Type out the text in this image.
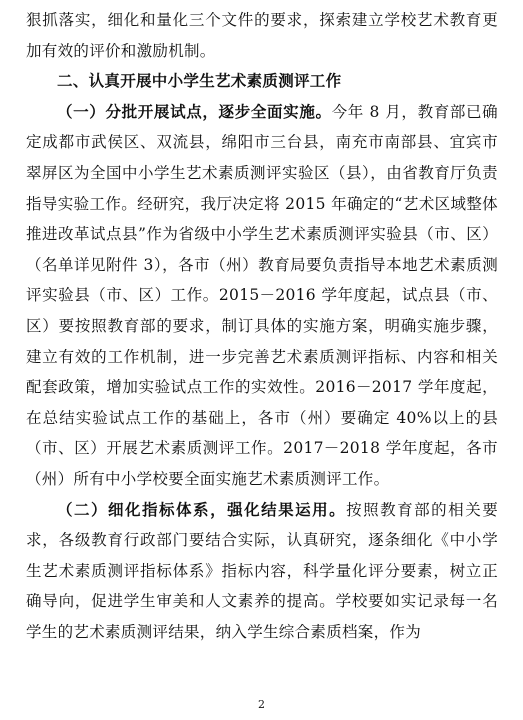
狠抓落实，细化和量化三个文件的要求，探索建立学校艺术教育更加有效的评价和激励机制。

二、认真开展中小学生艺术素质测评工作

（一）分批开展试点，逐步全面实施。今年 8 月，教育部已确定成都市武侯区、双流县，绵阳市三台县，南充市南部县、宜宾市翠屏区为全国中小学生艺术素质测评实验区（县），由省教育厅负责指导实验工作。经研究，我厅决定将 2015 年确定的“艺术区域整体推进改革试点县”作为省级中小学生艺术素质测评实验县（市、区）（名单详见附件 3），各市（州）教育局要负责指导本地艺术素质测评实验县（市、区）工作。2015－2016 学年度起，试点县（市、区）要按照教育部的要求，制订具体的实施方案，明确实施步骤，建立有效的工作机制，进一步完善艺术素质测评指标、内容和相关配套政策，增加实验试点工作的实效性。2016－2017 学年度起，在总结实验试点工作的基础上，各市（州）要确定 40%以上的县（市、区）开展艺术素质测评工作。2017－2018 学年度起，各市（州）所有中小学校要全面实施艺术素质测评工作。

（二）细化指标体系，强化结果运用。按照教育部的相关要求，各级教育行政部门要结合实际，认真研究，逐条细化《中小学生艺术素质测评指标体系》指标内容，科学量化评分要素，树立正确导向，促进学生审美和人文素养的提高。学校要如实记录每一名学生的艺术素质测评结果，纳入学生综合素质档案，作为

2
